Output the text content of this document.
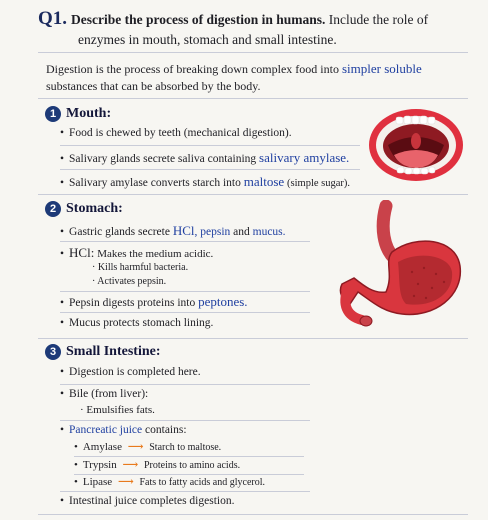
Q1. Describe the process of digestion in humans. Include the role of
enzymes in mouth, stomach and small intestine.
Digestion is the process of breaking down complex food into simpler soluble
substances that can be absorbed by the body.
1 Mouth:
• Food is chewed by teeth (mechanical digestion).
• Salivary glands secrete saliva containing salivary amylase.
• Salivary amylase converts starch into maltose (simple sugar).
2 Stomach:
• Gastric glands secrete HCl, pepsin and mucus.
• HCl: Makes the medium acidic.
· Kills harmful bacteria.
· Activates pepsin.
• Pepsin digests proteins into peptones.
• Mucus protects stomach lining.
3 Small Intestine:
• Digestion is completed here.
• Bile (from liver):
· Emulsifies fats.
• Pancreatic juice contains:
• Amylase ⟶ Starch to maltose.
• Trypsin ⟶ Proteins to amino acids.
• Lipase ⟶ Fats to fatty acids and glycerol.
• Intestinal juice completes digestion.
